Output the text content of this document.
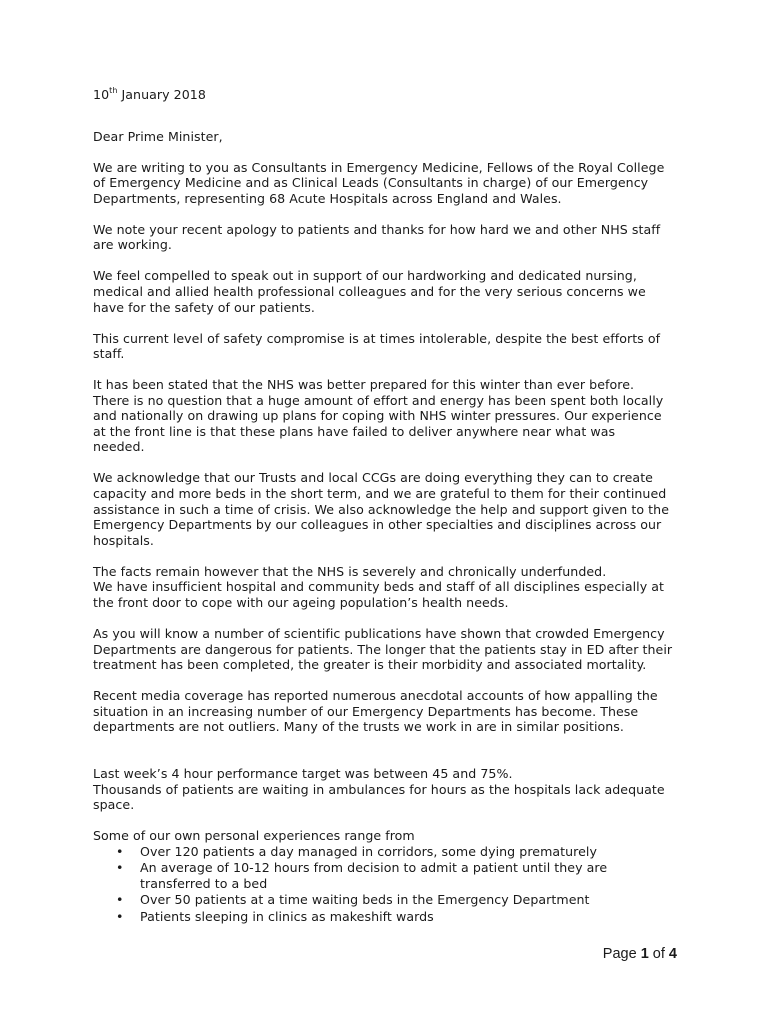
10th January 2018

Dear Prime Minister,

We are writing to you as Consultants in Emergency Medicine, Fellows of the Royal College
of Emergency Medicine and as Clinical Leads (Consultants in charge) of our Emergency
Departments, representing 68 Acute Hospitals across England and Wales.

We note your recent apology to patients and thanks for how hard we and other NHS staff
are working.

We feel compelled to speak out in support of our hardworking and dedicated nursing,
medical and allied health professional colleagues and for the very serious concerns we
have for the safety of our patients.

This current level of safety compromise is at times intolerable, despite the best efforts of
staff.

It has been stated that the NHS was better prepared for this winter than ever before.
There is no question that a huge amount of effort and energy has been spent both locally
and nationally on drawing up plans for coping with NHS winter pressures. Our experience
at the front line is that these plans have failed to deliver anywhere near what was
needed.

We acknowledge that our Trusts and local CCGs are doing everything they can to create
capacity and more beds in the short term, and we are grateful to them for their continued
assistance in such a time of crisis. We also acknowledge the help and support given to the
Emergency Departments by our colleagues in other specialties and disciplines across our
hospitals.

The facts remain however that the NHS is severely and chronically underfunded.
We have insufficient hospital and community beds and staff of all disciplines especially at
the front door to cope with our ageing population’s health needs.

As you will know a number of scientific publications have shown that crowded Emergency
Departments are dangerous for patients. The longer that the patients stay in ED after their
treatment has been completed, the greater is their morbidity and associated mortality.

Recent media coverage has reported numerous anecdotal accounts of how appalling the
situation in an increasing number of our Emergency Departments has become. These
departments are not outliers. Many of the trusts we work in are in similar positions.

Last week’s 4 hour performance target was between 45 and 75%.
Thousands of patients are waiting in ambulances for hours as the hospitals lack adequate
space.

Some of our own personal experiences range from
• Over 120 patients a day managed in corridors, some dying prematurely
• An average of 10-12 hours from decision to admit a patient until they are
transferred to a bed
• Over 50 patients at a time waiting beds in the Emergency Department
• Patients sleeping in clinics as makeshift wards
Page 1 of 4
